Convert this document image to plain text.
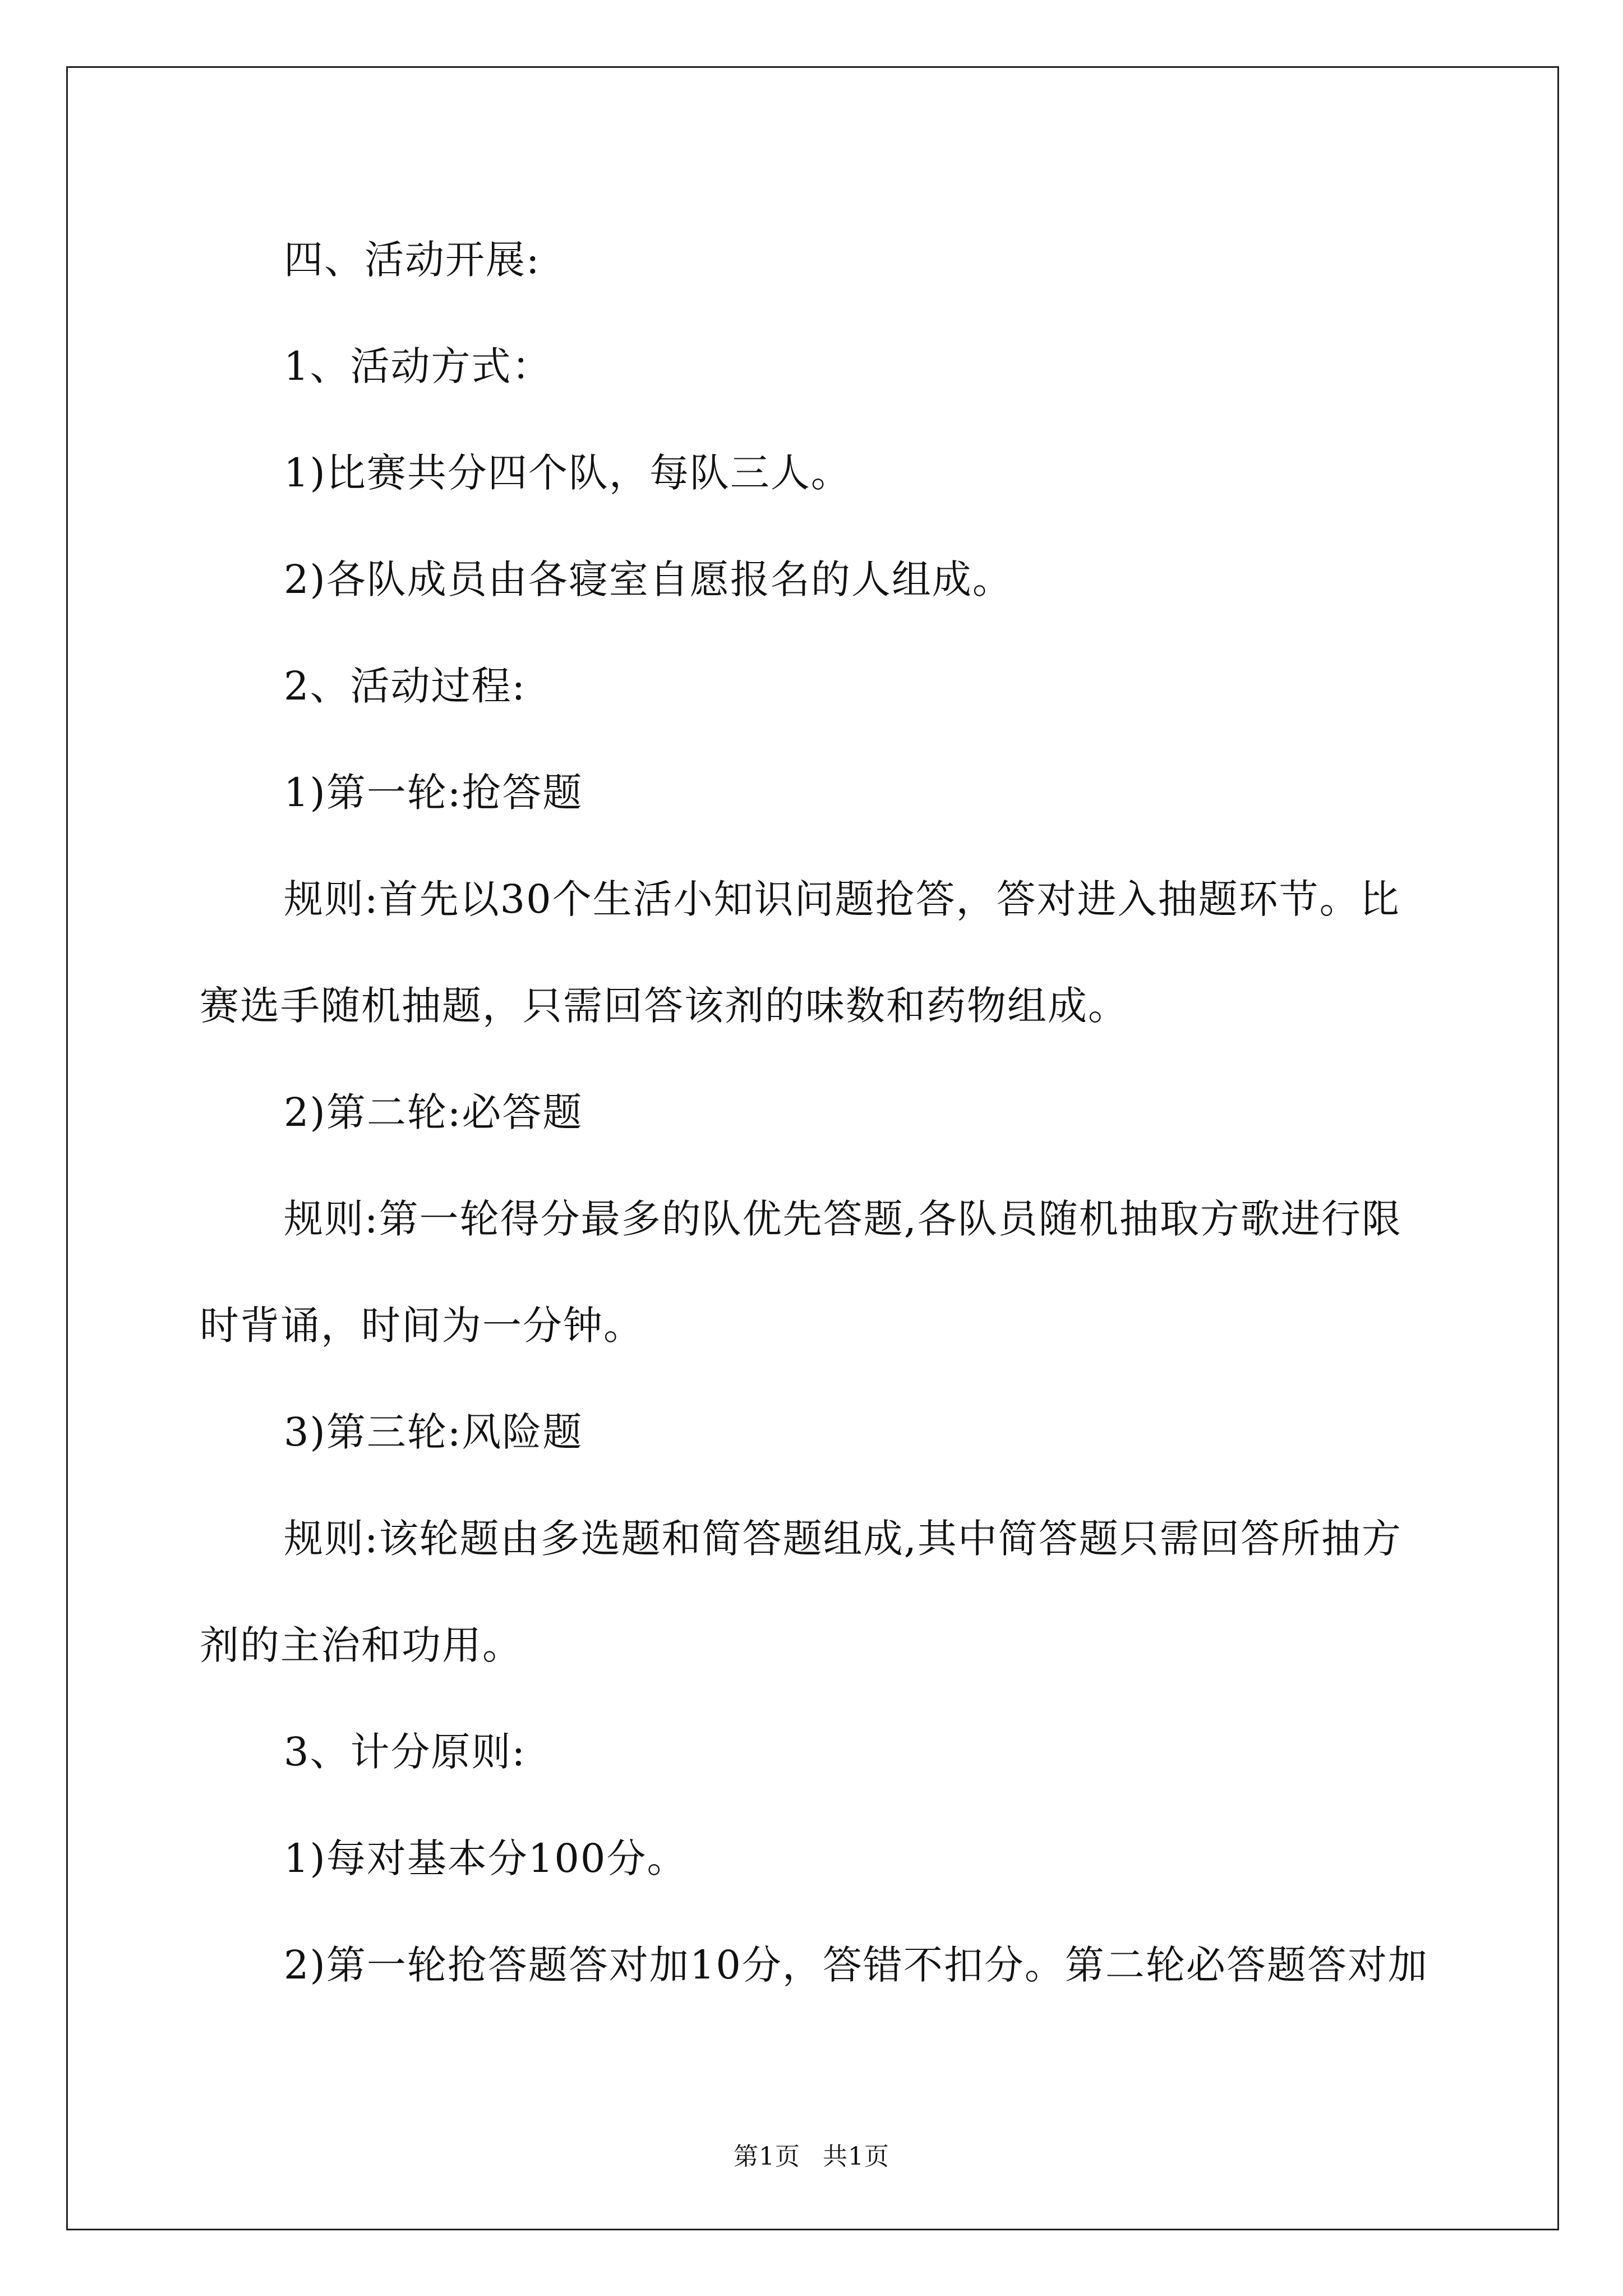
四、活动开展:
1、活动方式：
1)比赛共分四个队，每队三人。
2)各队成员由各寝室自愿报名的人组成。
2、活动过程:
1)第一轮:抢答题
规则:首先以30个生活小知识问题抢答，答对进入抽题环节。比
赛选手随机抽题，只需回答该剂的味数和药物组成。
2)第二轮:必答题
规则:第一轮得分最多的队优先答题,各队员随机抽取方歌进行限
时背诵，时间为一分钟。
3)第三轮:风险题
规则:该轮题由多选题和简答题组成,其中简答题只需回答所抽方
剂的主治和功用。
3、计分原则:
1)每对基本分100分。
2)第一轮抢答题答对加10分，答错不扣分。第二轮必答题答对加
第1页 共1页
